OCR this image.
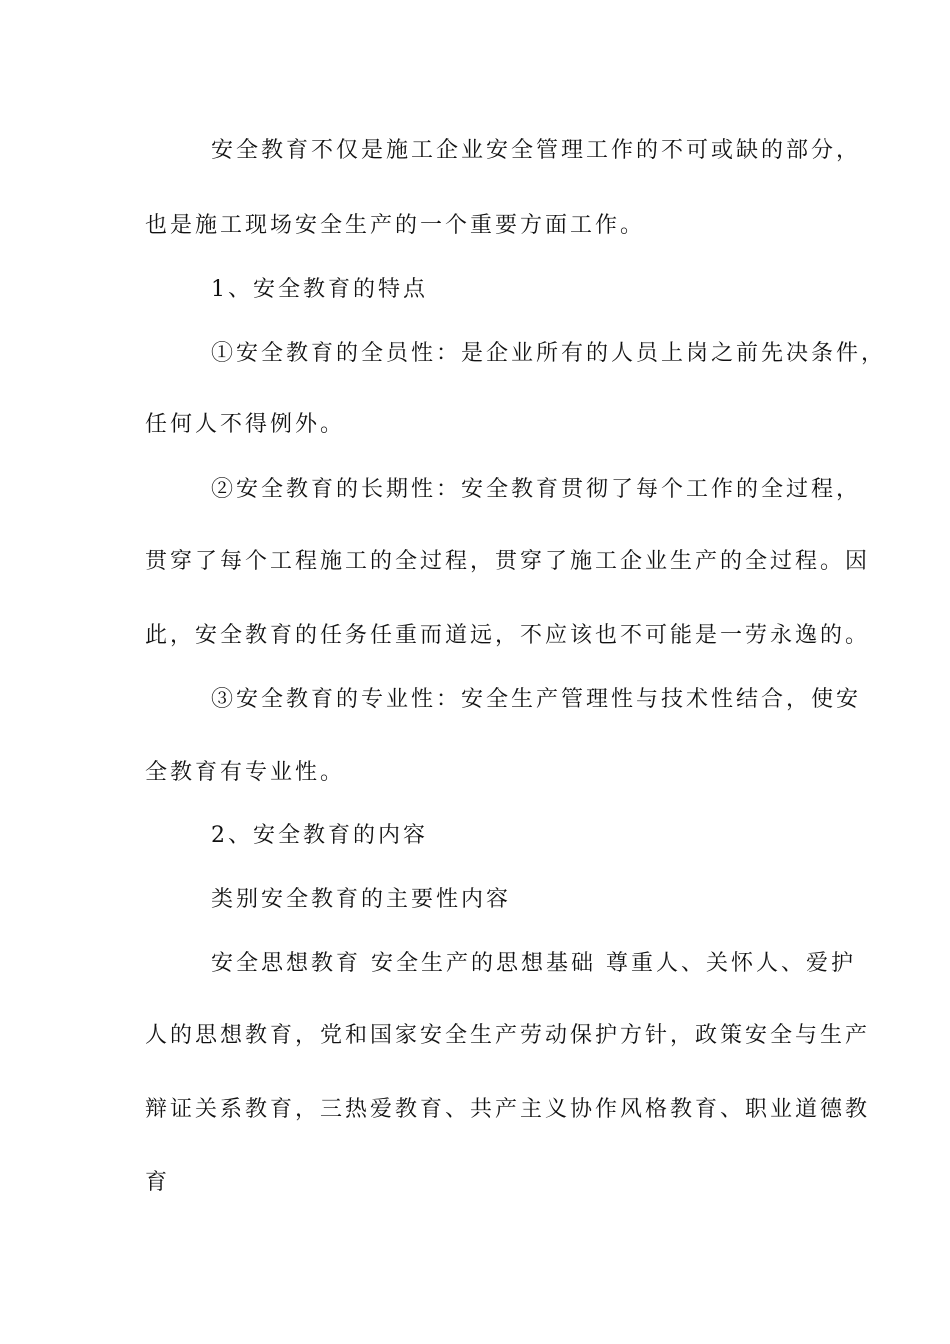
安全教育不仅是施工企业安全管理工作的不可或缺的部分，
也是施工现场安全生产的一个重要方面工作。
1、安全教育的特点
①安全教育的全员性：是企业所有的人员上岗之前先决条件，
任何人不得例外。
②安全教育的长期性：安全教育贯彻了每个工作的全过程，
贯穿了每个工程施工的全过程，贯穿了施工企业生产的全过程。因
此，安全教育的任务任重而道远，不应该也不可能是一劳永逸的。
③安全教育的专业性：安全生产管理性与技术性结合，使安
全教育有专业性。
2、安全教育的内容
类别安全教育的主要性内容
安全思想教育 安全生产的思想基础 尊重人、关怀人、爱护
人的思想教育，党和国家安全生产劳动保护方针，政策安全与生产
辩证关系教育，三热爱教育、共产主义协作风格教育、职业道德教
育
